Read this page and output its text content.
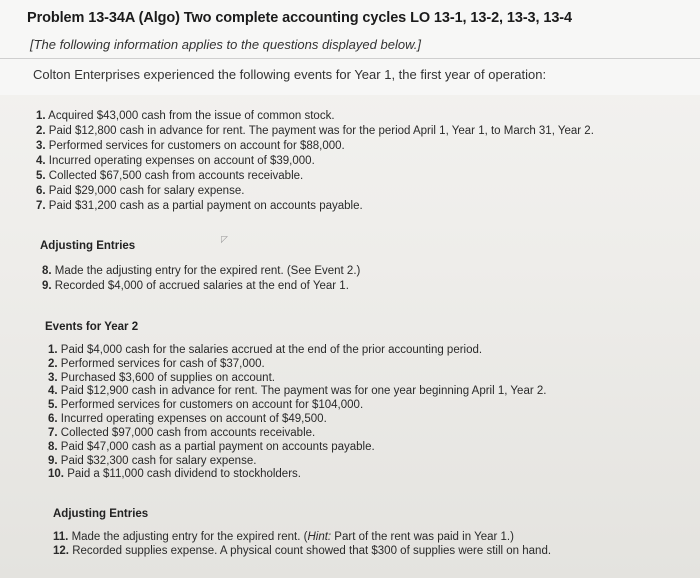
Problem 13-34A (Algo) Two complete accounting cycles LO 13-1, 13-2, 13-3, 13-4
[The following information applies to the questions displayed below.]
Colton Enterprises experienced the following events for Year 1, the first year of operation:
1. Acquired $43,000 cash from the issue of common stock.
2. Paid $12,800 cash in advance for rent. The payment was for the period April 1, Year 1, to March 31, Year 2.
3. Performed services for customers on account for $88,000.
4. Incurred operating expenses on account of $39,000.
5. Collected $67,500 cash from accounts receivable.
6. Paid $29,000 cash for salary expense.
7. Paid $31,200 cash as a partial payment on accounts payable.
◸
Adjusting Entries
8. Made the adjusting entry for the expired rent. (See Event 2.)
9. Recorded $4,000 of accrued salaries at the end of Year 1.
Events for Year 2
1. Paid $4,000 cash for the salaries accrued at the end of the prior accounting period.
2. Performed services for cash of $37,000.
3. Purchased $3,600 of supplies on account.
4. Paid $12,900 cash in advance for rent. The payment was for one year beginning April 1, Year 2.
5. Performed services for customers on account for $104,000.
6. Incurred operating expenses on account of $49,500.
7. Collected $97,000 cash from accounts receivable.
8. Paid $47,000 cash as a partial payment on accounts payable.
9. Paid $32,300 cash for salary expense.
10. Paid a $11,000 cash dividend to stockholders.
Adjusting Entries
11. Made the adjusting entry for the expired rent. (Hint: Part of the rent was paid in Year 1.)
12. Recorded supplies expense. A physical count showed that $300 of supplies were still on hand.
